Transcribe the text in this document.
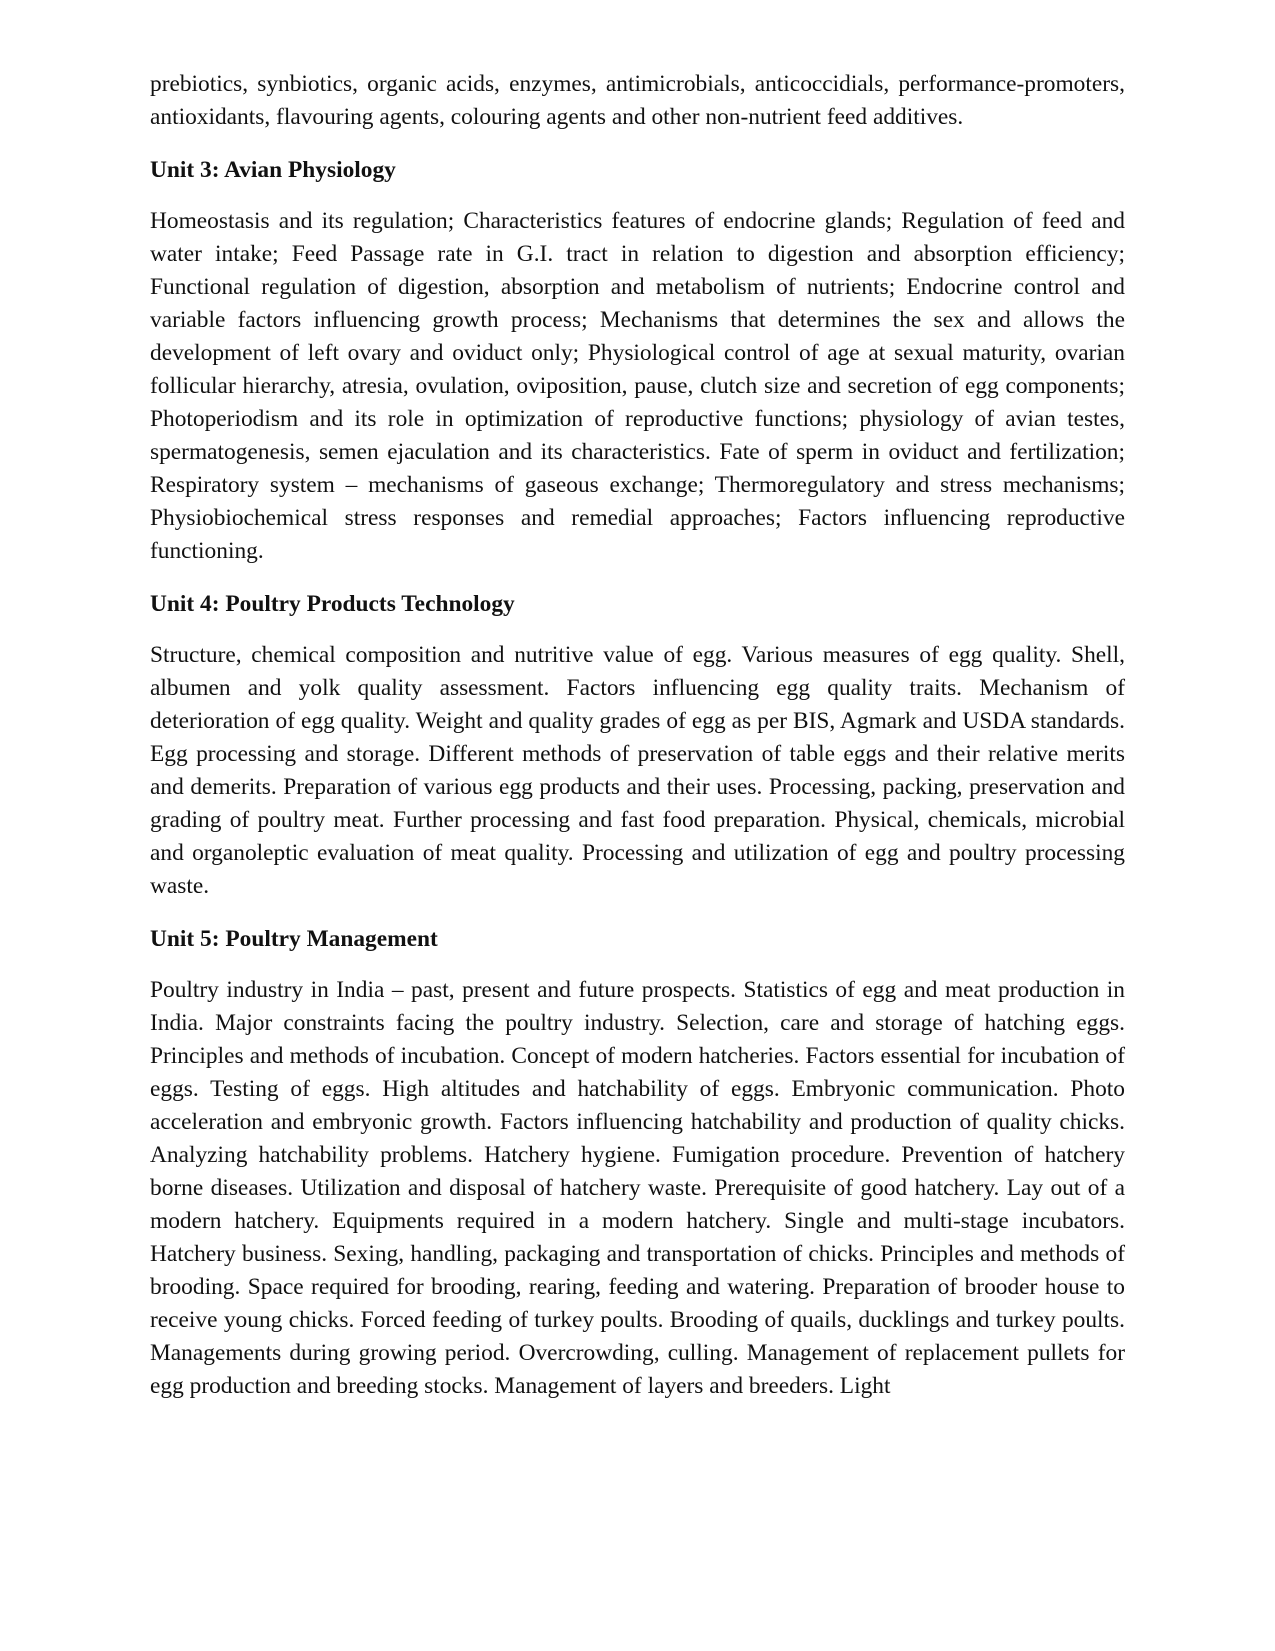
prebiotics, synbiotics, organic acids, enzymes, antimicrobials, anticoccidials, performance-promoters, antioxidants, flavouring agents, colouring agents and other non-nutrient feed additives.

Unit 3: Avian Physiology

Homeostasis and its regulation; Characteristics features of endocrine glands; Regulation of feed and water intake; Feed Passage rate in G.I. tract in relation to digestion and absorption efficiency; Functional regulation of digestion, absorption and metabolism of nutrients; Endocrine control and variable factors influencing growth process; Mechanisms that determines the sex and allows the development of left ovary and oviduct only; Physiological control of age at sexual maturity, ovarian follicular hierarchy, atresia, ovulation, oviposition, pause, clutch size and secretion of egg components; Photoperiodism and its role in optimization of reproductive functions; physiology of avian testes, spermatogenesis, semen ejaculation and its characteristics. Fate of sperm in oviduct and fertilization; Respiratory system – mechanisms of gaseous exchange; Thermoregulatory and stress mechanisms; Physiobiochemical stress responses and remedial approaches; Factors influencing reproductive functioning.

Unit 4: Poultry Products Technology

Structure, chemical composition and nutritive value of egg. Various measures of egg quality. Shell, albumen and yolk quality assessment. Factors influencing egg quality traits. Mechanism of deterioration of egg quality. Weight and quality grades of egg as per BIS, Agmark and USDA standards. Egg processing and storage. Different methods of preservation of table eggs and their relative merits and demerits. Preparation of various egg products and their uses. Processing, packing, preservation and grading of poultry meat. Further processing and fast food preparation. Physical, chemicals, microbial and organoleptic evaluation of meat quality. Processing and utilization of egg and poultry processing waste.

Unit 5: Poultry Management

Poultry industry in India – past, present and future prospects. Statistics of egg and meat production in India. Major constraints facing the poultry industry. Selection, care and storage of hatching eggs. Principles and methods of incubation. Concept of modern hatcheries. Factors essential for incubation of eggs. Testing of eggs. High altitudes and hatchability of eggs. Embryonic communication. Photo acceleration and embryonic growth. Factors influencing hatchability and production of quality chicks. Analyzing hatchability problems. Hatchery hygiene. Fumigation procedure. Prevention of hatchery borne diseases. Utilization and disposal of hatchery waste. Prerequisite of good hatchery. Lay out of a modern hatchery. Equipments required in a modern hatchery. Single and multi-stage incubators. Hatchery business. Sexing, handling, packaging and transportation of chicks. Principles and methods of brooding. Space required for brooding, rearing, feeding and watering. Preparation of brooder house to receive young chicks. Forced feeding of turkey poults. Brooding of quails, ducklings and turkey poults. Managements during growing period. Overcrowding, culling. Management of replacement pullets for egg production and breeding stocks. Management of layers and breeders. Light
